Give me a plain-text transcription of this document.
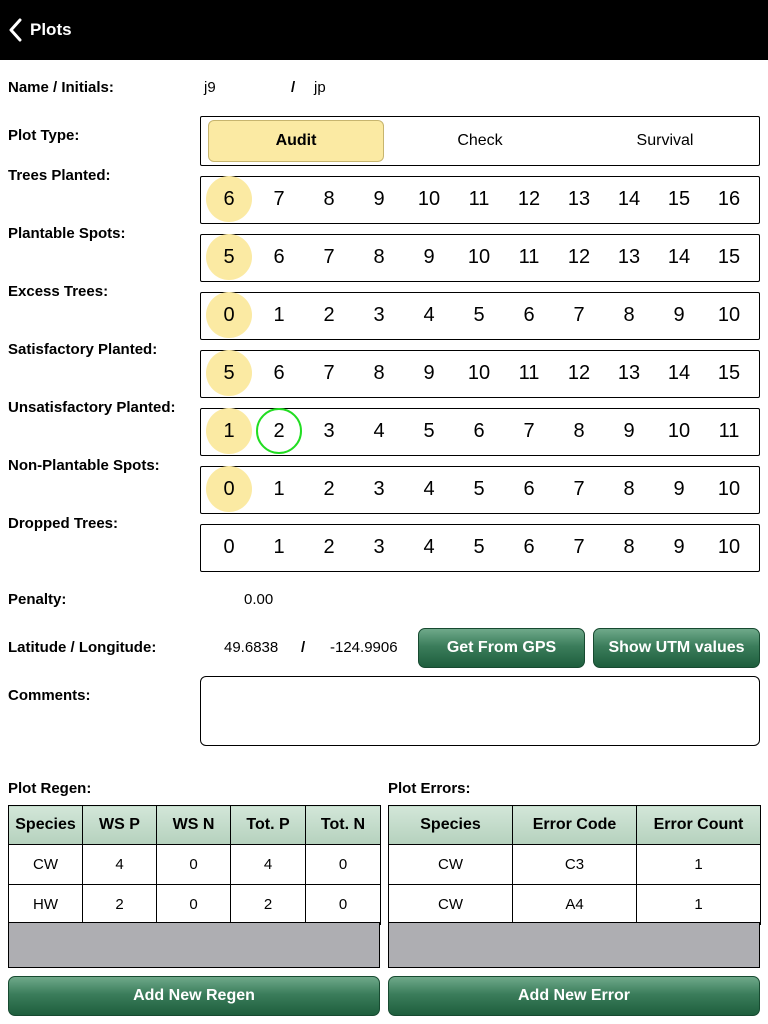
Plots
Name / Initials:	j9	/ jp
Plot Type:	Audit	Check	Survival
Trees Planted:
6	7	8	9	10	11	12	13	14	15	16
Plantable Spots:
5	6	7	8	9	10	11	12	13	14	15
Excess Trees:
0	1	2	3	4	5	6	7	8	9	10
Satisfactory Planted:
5	6	7	8	9	10	11	12	13	14	15
Unsatisfactory Planted:
1	2	3	4	5	6	7	8	9	10	11
Non-Plantable Spots:
0	1	2	3	4	5	6	7	8	9	10
Dropped Trees:
0	1	2	3	4	5	6	7	8	9	10
Penalty:	0.00
Latitude / Longitude:	49.6838 / -124.9906	Get From GPS	Show UTM values
Comments:
Plot Regen:
Species	WS P	WS N	Tot. P	Tot. N
CW	4	0	4	0
HW	2	0	2	0
Add New Regen
Plot Errors:
Species	Error Code	Error Count
CW	C3	1
CW	A4	1
Add New Error
